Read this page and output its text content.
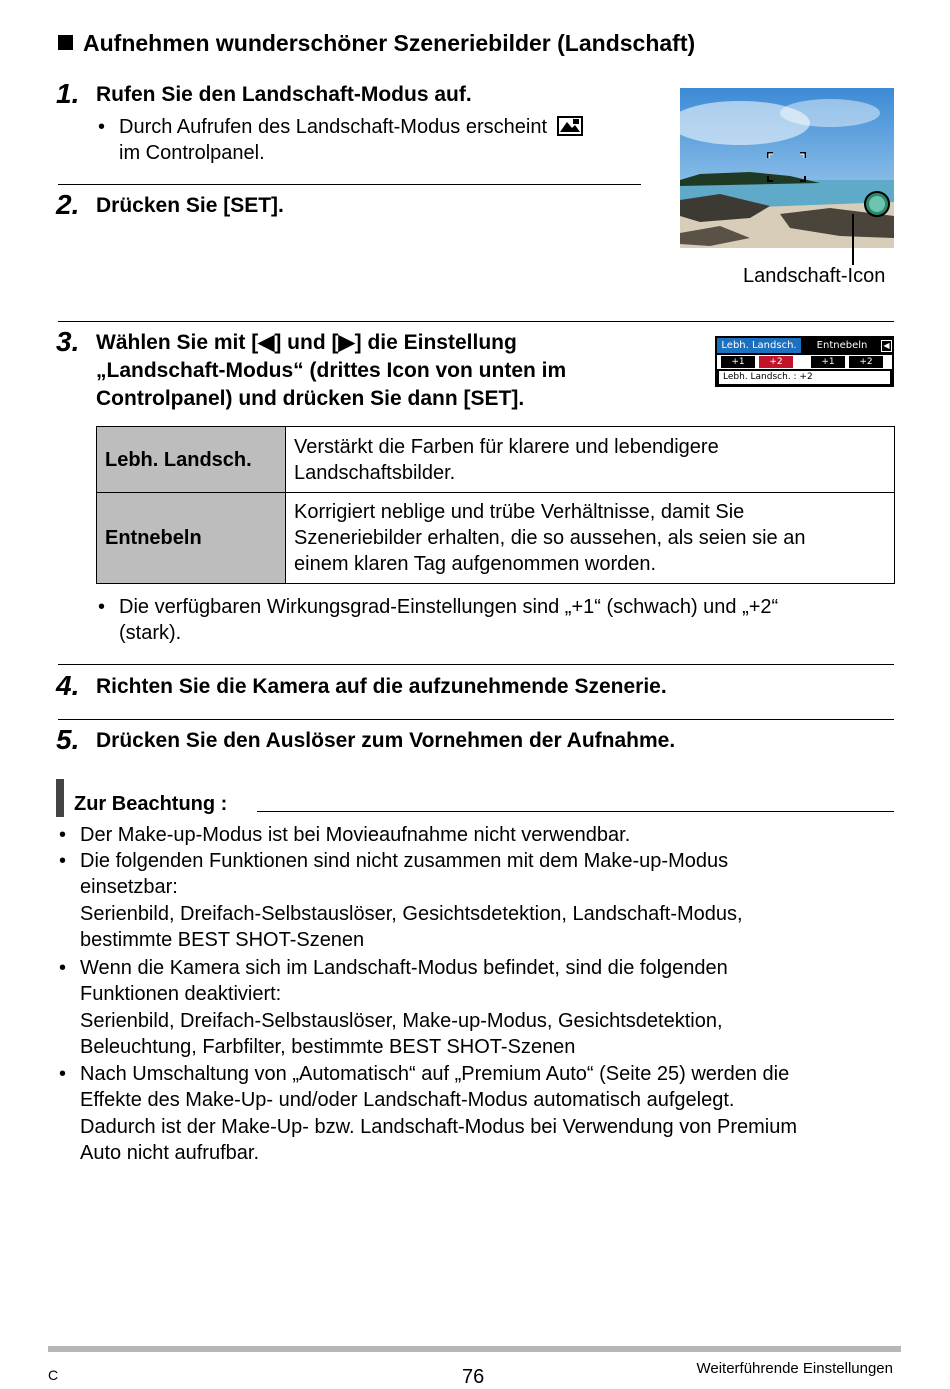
Aufnehmen wunderschöner Szeneriebilder (Landschaft)
1. Rufen Sie den Landschaft-Modus auf.
• Durch Aufrufen des Landschaft-Modus erscheint
im Controlpanel.
Landschaft-Icon
2. Drücken Sie [SET].
3. Wählen Sie mit [◀] und [▶] die Einstellung
„Landschaft-Modus“ (drittes Icon von unten im
Controlpanel) und drücken Sie dann [SET].
Lebh. Landsch.	Entnebeln	◀
+1	+2	+1	+2
Lebh. Landsch. : +2
Lebh. Landsch.	Verstärkt die Farben für klarere und lebendigere
Landschaftsbilder.
Entnebeln	Korrigiert neblige und trübe Verhältnisse, damit Sie
Szeneriebilder erhalten, die so aussehen, als seien sie an
einem klaren Tag aufgenommen worden.
• Die verfügbaren Wirkungsgrad-Einstellungen sind „+1“ (schwach) und „+2“
(stark).
4. Richten Sie die Kamera auf die aufzunehmende Szenerie.
5. Drücken Sie den Auslöser zum Vornehmen der Aufnahme.
Zur Beachtung :
• Der Make-up-Modus ist bei Movieaufnahme nicht verwendbar.
• Die folgenden Funktionen sind nicht zusammen mit dem Make-up-Modus
einsetzbar:
Serienbild, Dreifach-Selbstauslöser, Gesichtsdetektion, Landschaft-Modus,
bestimmte BEST SHOT-Szenen
• Wenn die Kamera sich im Landschaft-Modus befindet, sind die folgenden
Funktionen deaktiviert:
Serienbild, Dreifach-Selbstauslöser, Make-up-Modus, Gesichtsdetektion,
Beleuchtung, Farbfilter, bestimmte BEST SHOT-Szenen
• Nach Umschaltung von „Automatisch“ auf „Premium Auto“ (Seite 25) werden die
Effekte des Make-Up- und/oder Landschaft-Modus automatisch aufgelegt.
Dadurch ist der Make-Up- bzw. Landschaft-Modus bei Verwendung von Premium
Auto nicht aufrufbar.
C	76	Weiterführende Einstellungen
